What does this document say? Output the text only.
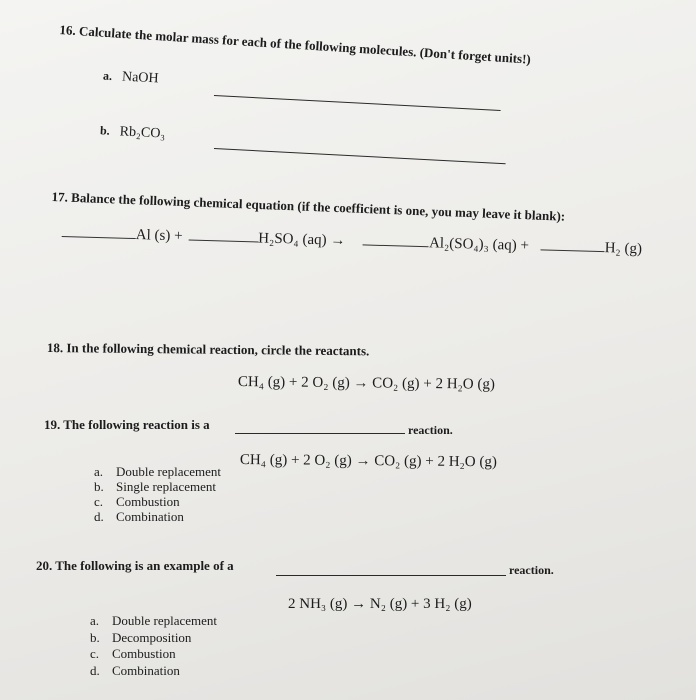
16. Calculate the molar mass for each of the following molecules. (Don't forget units!)
a. NaOH
b. Rb₂CO₃
17. Balance the following chemical equation (if the coefficient is one, you may leave it blank):
Al (s) +	H₂SO₄ (aq) →	Al₂(SO₄)₃ (aq) +	H₂ (g)
18. In the following chemical reaction, circle the reactants.
CH₄ (g) + 2 O₂ (g) → CO₂ (g) + 2 H₂O (g)
19. The following reaction is a	reaction.
CH₄ (g) + 2 O₂ (g) → CO₂ (g) + 2 H₂O (g)
a. Double replacement
b. Single replacement
c. Combustion
d. Combination
20. The following is an example of a	reaction.
2 NH₃ (g) → N₂ (g) + 3 H₂ (g)
a. Double replacement
b. Decomposition
c. Combustion
d. Combination
